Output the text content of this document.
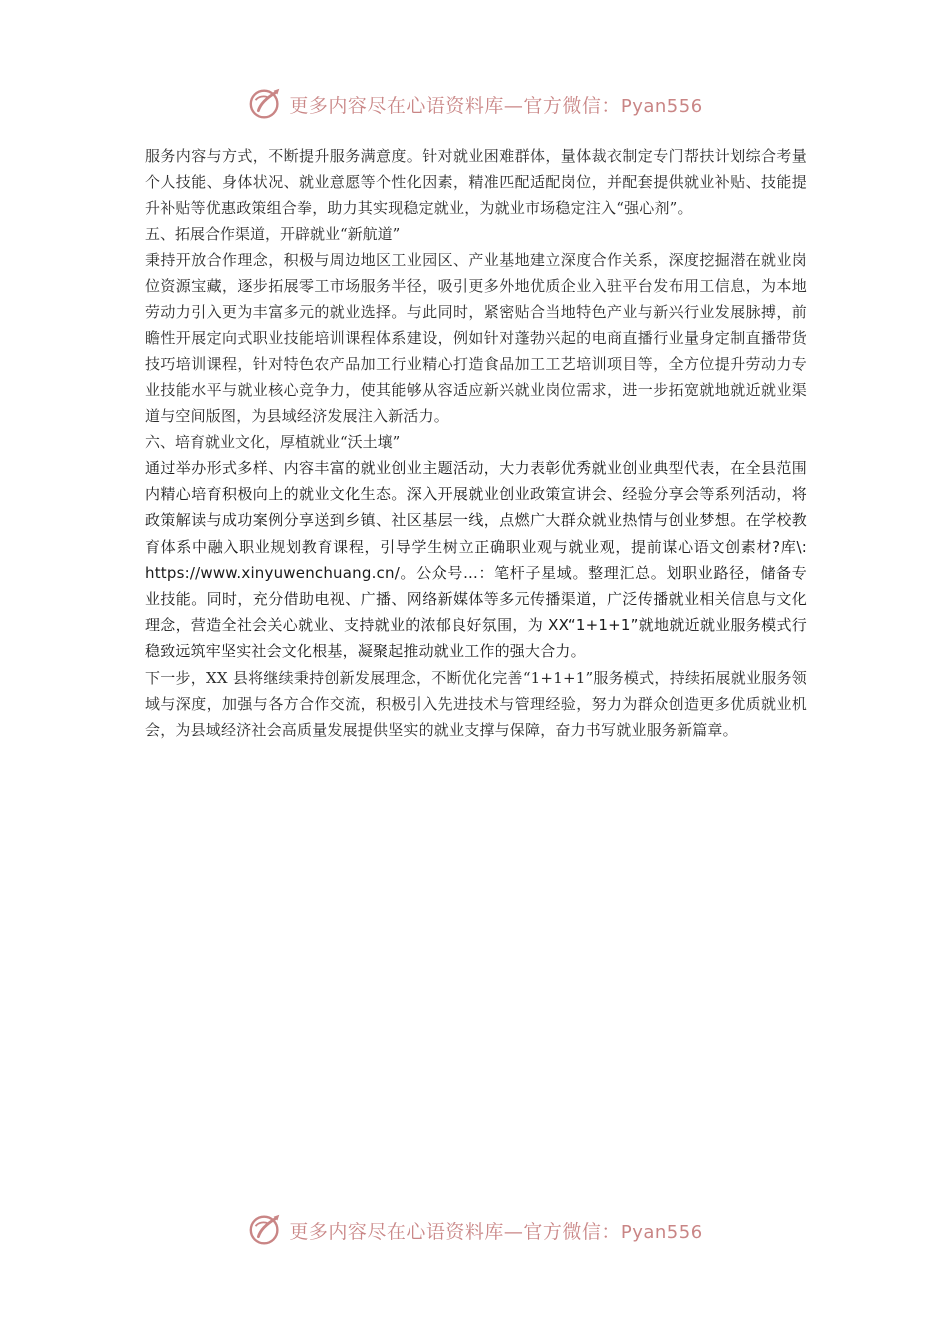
更多内容尽在心语资料库—官方微信：Pyan556

服务内容与方式，不断提升服务满意度。针对就业困难群体，量体裁衣制定专门帮扶计划综合考量个人技能、身体状况、就业意愿等个性化因素，精准匹配适配岗位，并配套提供就业补贴、技能提升补贴等优惠政策组合拳，助力其实现稳定就业，为就业市场稳定注入“强心剂”。

五、拓展合作渠道，开辟就业“新航道”

秉持开放合作理念，积极与周边地区工业园区、产业基地建立深度合作关系，深度挖掘潜在就业岗位资源宝藏，逐步拓展零工市场服务半径，吸引更多外地优质企业入驻平台发布用工信息，为本地劳动力引入更为丰富多元的就业选择。与此同时，紧密贴合当地特色产业与新兴行业发展脉搏，前瞻性开展定向式职业技能培训课程体系建设，例如针对蓬勃兴起的电商直播行业量身定制直播带货技巧培训课程，针对特色农产品加工行业精心打造食品加工工艺培训项目等，全方位提升劳动力专业技能水平与就业核心竞争力，使其能够从容适应新兴就业岗位需求，进一步拓宽就地就近就业渠道与空间版图，为县域经济发展注入新活力。

六、培育就业文化，厚植就业“沃土壤”

通过举办形式多样、内容丰富的就业创业主题活动，大力表彰优秀就业创业典型代表，在全县范围内精心培育积极向上的就业文化生态。深入开展就业创业政策宣讲会、经验分享会等系列活动，将政策解读与成功案例分享送到乡镇、社区基层一线，点燃广大群众就业热情与创业梦想。在学校教育体系中融入职业规划教育课程，引导学生树立正确职业观与就业观，提前谋心语文创素材?库\: https://www.xinyuwenchuang.cn/。公众号...：笔杆子星域。整理汇总。划职业路径，储备专业技能。同时，充分借助电视、广播、网络新媒体等多元传播渠道，广泛传播就业相关信息与文化理念，营造全社会关心就业、支持就业的浓郁良好氛围，为 XX“1+1+1”就地就近就业服务模式行稳致远筑牢坚实社会文化根基，凝聚起推动就业工作的强大合力。

下一步，XX 县将继续秉持创新发展理念，不断优化完善“1+1+1”服务模式，持续拓展就业服务领域与深度，加强与各方合作交流，积极引入先进技术与管理经验，努力为群众创造更多优质就业机会，为县域经济社会高质量发展提供坚实的就业支撑与保障，奋力书写就业服务新篇章。

更多内容尽在心语资料库—官方微信：Pyan556
